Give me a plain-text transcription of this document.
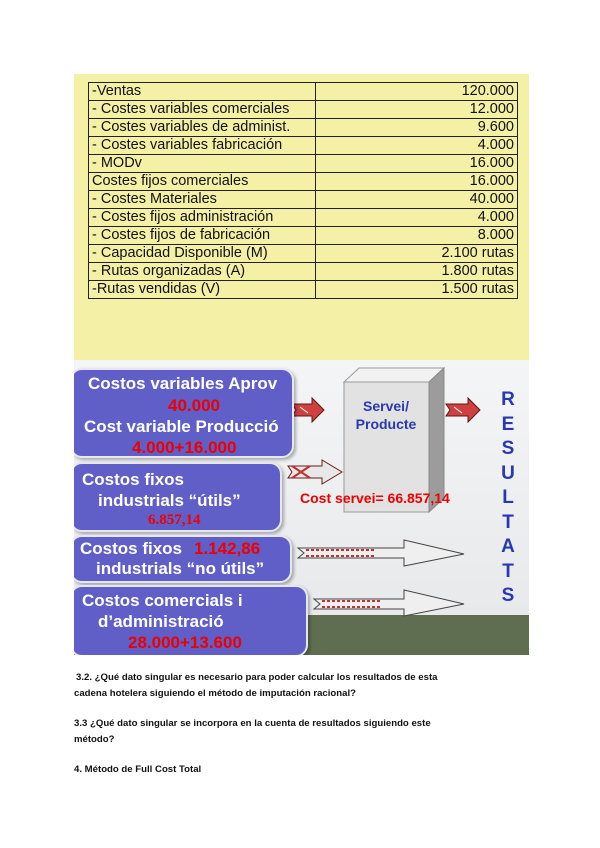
-Ventas	120.000
- Costes variables comerciales	12.000
- Costes variables de administ.	9.600
- Costes variables fabricación	4.000
- MODv	16.000
Costes fijos comerciales	16.000
- Costes Materiales	40.000
- Costes fijos administración	4.000
- Costes fijos de fabricación	8.000
- Capacidad Disponible (M)	2.100 rutas
- Rutas organizadas (A)	1.800 rutas
-Rutas vendidas (V)	1.500 rutas
Servei/
Producte
Cost servei= 66.857,14
Costos variables Aprov
40.000
Cost variable Producció
4.000+16.000
Costos fixos
industrials “útils”
6.857,14
Costos fixos 1.142,86
industrials “no útils”
Costos comercials i
d’administració
28.000+13.600
R
E
S
U
L
T
A
T
S
3.2. ¿Qué dato singular es necesario para poder calcular los resultados de esta
cadena hotelera siguiendo el método de imputación racional?
3.3 ¿Qué dato singular se incorpora en la cuenta de resultados siguiendo este
método?
4. Método de Full Cost Total
